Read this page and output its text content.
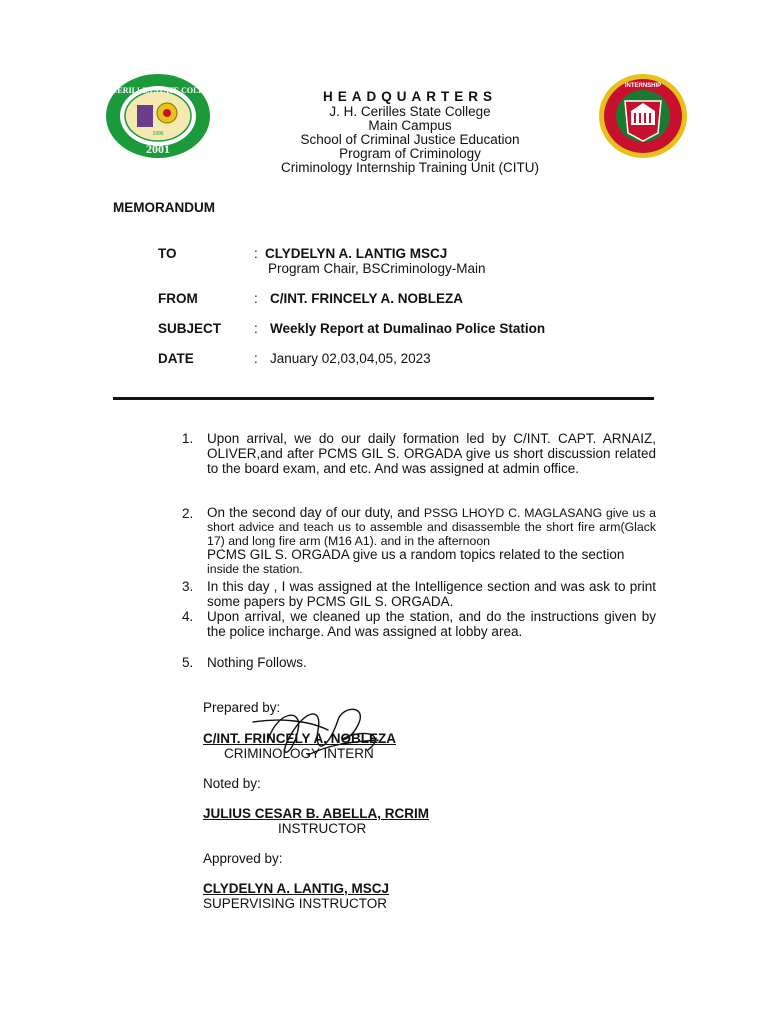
J.H. CERILLES STATE COLLEGE
2001
1996
INTERNSHIP
HEADQUARTERS
J. H. Cerilles State College
Main Campus
School of Criminal Justice Education
Program of Criminology
Criminology Internship Training Unit (CITU)
MEMORANDUM
TO	: CLYDELYN A. LANTIG MSCJ
Program Chair, BSCriminology-Main
FROM	: C/INT. FRINCELY A. NOBLEZA
SUBJECT : Weekly Report at Dumalinao Police Station
DATE	: January 02,03,04,05, 2023
1.	Upon arrival, we do our daily formation led by C/INT. CAPT. ARNAIZ, OLIVER,and after PCMS GIL S. ORGADA give us short discussion related to the board exam, and etc. And was assigned at admin office.
2.	On the second day of our duty, and PSSG LHOYD C. MAGLASANG give us a short advice and teach us to assemble and disassemble the short fire arm(Glack 17) and long fire arm (M16 A1). and in the afternoon
PCMS GIL S. ORGADA give us a random topics related to the section
inside the station.
3.	In this day , I was assigned at the Intelligence section and was ask to print some papers by PCMS GIL S. ORGADA.
4.	Upon arrival, we cleaned up the station, and do the instructions given by the police incharge. And was assigned at lobby area.
5.	Nothing Follows.
Prepared by:
C/INT. FRINCELY A. NOBLEZA
CRIMINOLOGY INTERN
Noted by:
JULIUS CESAR B. ABELLA, RCRIM
INSTRUCTOR
Approved by:
CLYDELYN A. LANTIG, MSCJ
SUPERVISING INSTRUCTOR
